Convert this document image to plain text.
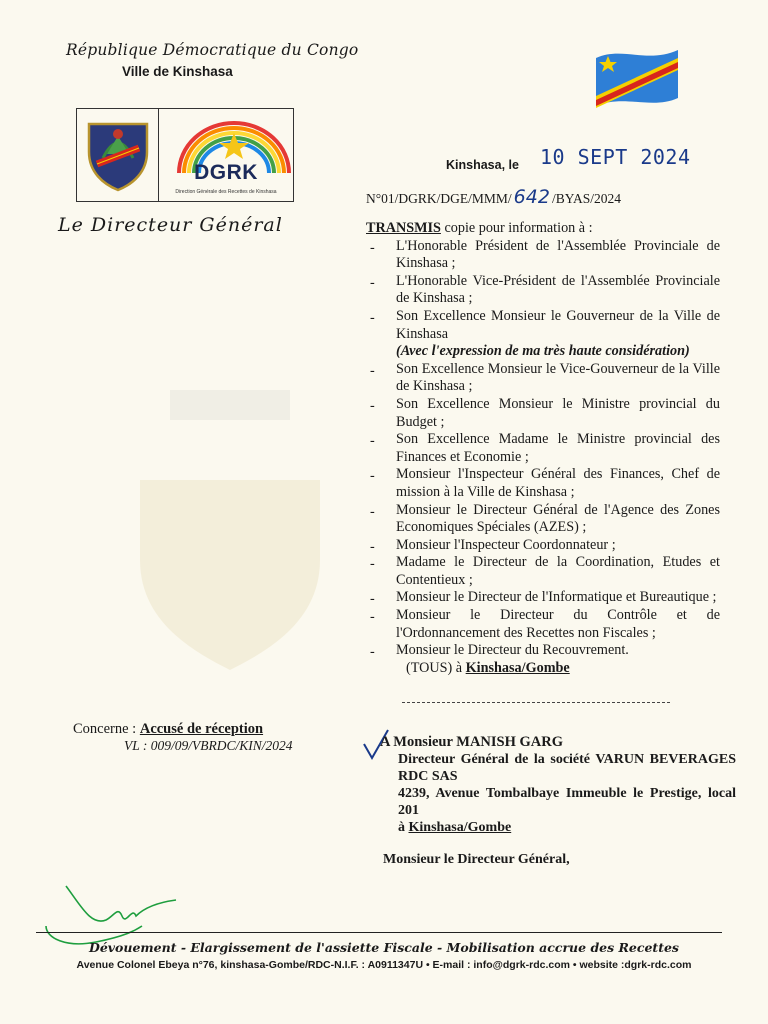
République Démocratique du Congo
Ville de Kinshasa
DGRK
Direction Générale des Recettes de Kinshasa
Le Directeur Général
Kinshasa, le 10 SEPT 2024
N°01/DGRK/DGE/MMM/ 642 /BYAS/2024
TRANSMIS copie pour information à :
- L'Honorable Président de l'Assemblée Provinciale de Kinshasa ;
- L'Honorable Vice-Président de l'Assemblée Provinciale de Kinshasa ;
- Son Excellence Monsieur le Gouverneur de la Ville de Kinshasa
(Avec l'expression de ma très haute considération)
- Son Excellence Monsieur le Vice-Gouverneur de la Ville de Kinshasa ;
- Son Excellence Monsieur le Ministre provincial du Budget ;
- Son Excellence Madame le Ministre provincial des Finances et Economie ;
- Monsieur l'Inspecteur Général des Finances, Chef de mission à la Ville de Kinshasa ;
- Monsieur le Directeur Général de l'Agence des Zones Economiques Spéciales (AZES) ;
- Monsieur l'Inspecteur Coordonnateur ;
- Madame le Directeur de la Coordination, Etudes et Contentieux ;
- Monsieur le Directeur de l'Informatique et Bureautique ;
- Monsieur le Directeur du Contrôle et de l'Ordonnancement des Recettes non Fiscales ;
- Monsieur le Directeur du Recouvrement.
(TOUS) à Kinshasa/Gombe
Concerne : Accusé de réception
VL : 009/09/VBRDC/KIN/2024	A Monsieur MANISH GARG
Directeur Général de la société VARUN BEVERAGES RDC SAS
4239, Avenue Tombalbaye Immeuble le Prestige, local 201
à Kinshasa/Gombe
Monsieur le Directeur Général,
Dévouement - Elargissement de l'assiette Fiscale - Mobilisation accrue des Recettes
Avenue Colonel Ebeya n°76, kinshasa-Gombe/RDC-N.I.F. : A0911347U • E-mail : info@dgrk-rdc.com • website :dgrk-rdc.com
